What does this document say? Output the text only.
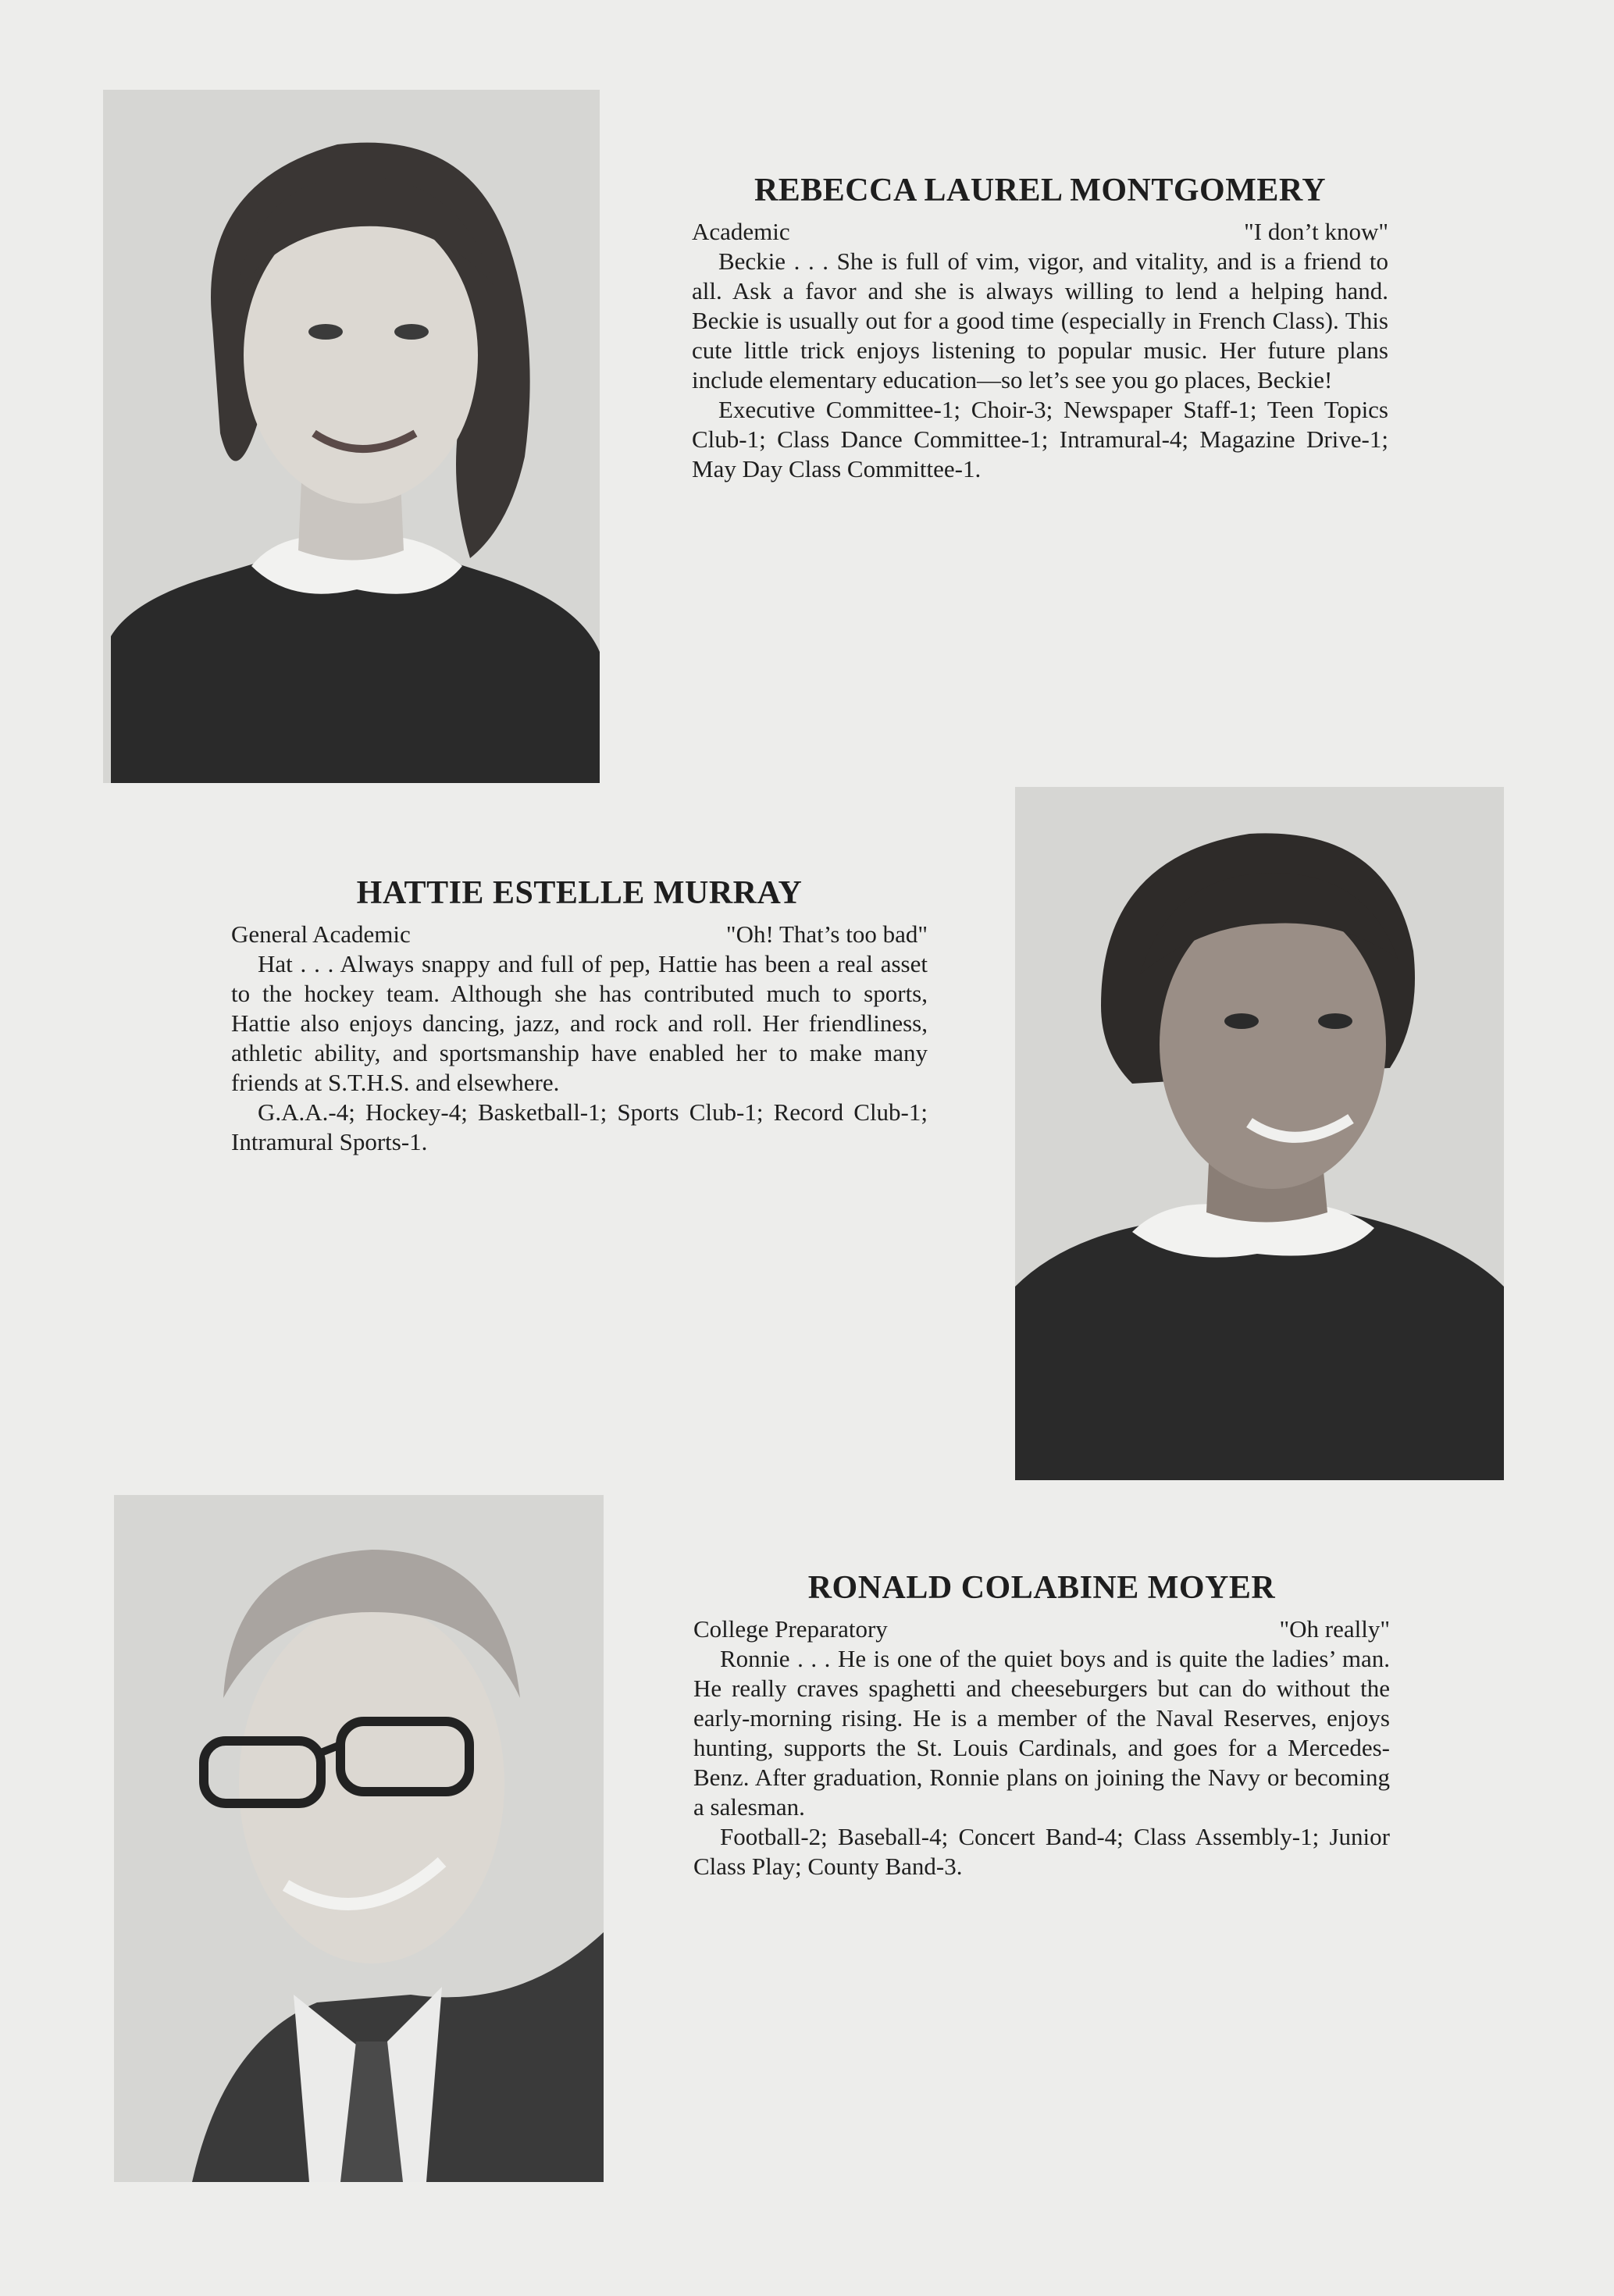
REBECCA LAUREL MONTGOMERY
Academic	"I don’t know"

Beckie . . . She is full of vim, vigor, and vitality, and is a friend to all. Ask a favor and she is always willing to lend a helping hand. Beckie is usually out for a good time (especially in French Class). This cute little trick enjoys listening to popular music. Her future plans include elementary education—so let’s see you go places, Beckie!

Executive Committee-1; Choir-3; Newspaper Staff-1; Teen Topics Club-1; Class Dance Committee-1; Intramural-4; Magazine Drive-1; May Day Class Committee-1.

HATTIE ESTELLE MURRAY
General Academic	"Oh! That’s too bad"

Hat . . . Always snappy and full of pep, Hattie has been a real asset to the hockey team. Although she has contributed much to sports, Hattie also enjoys dancing, jazz, and rock and roll. Her friendliness, athletic ability, and sportsmanship have enabled her to make many friends at S.T.H.S. and elsewhere.

G.A.A.-4; Hockey-4; Basketball-1; Sports Club-1; Record Club-1; Intramural Sports-1.

RONALD COLABINE MOYER
College Preparatory	"Oh really"

Ronnie . . . He is one of the quiet boys and is quite the ladies’ man. He really craves spaghetti and cheeseburgers but can do without the early-morning rising. He is a member of the Naval Reserves, enjoys hunting, supports the St. Louis Cardinals, and goes for a Mercedes-Benz. After graduation, Ronnie plans on joining the Navy or becoming a salesman.

Football-2; Baseball-4; Concert Band-4; Class Assembly-1; Junior Class Play; County Band-3.
